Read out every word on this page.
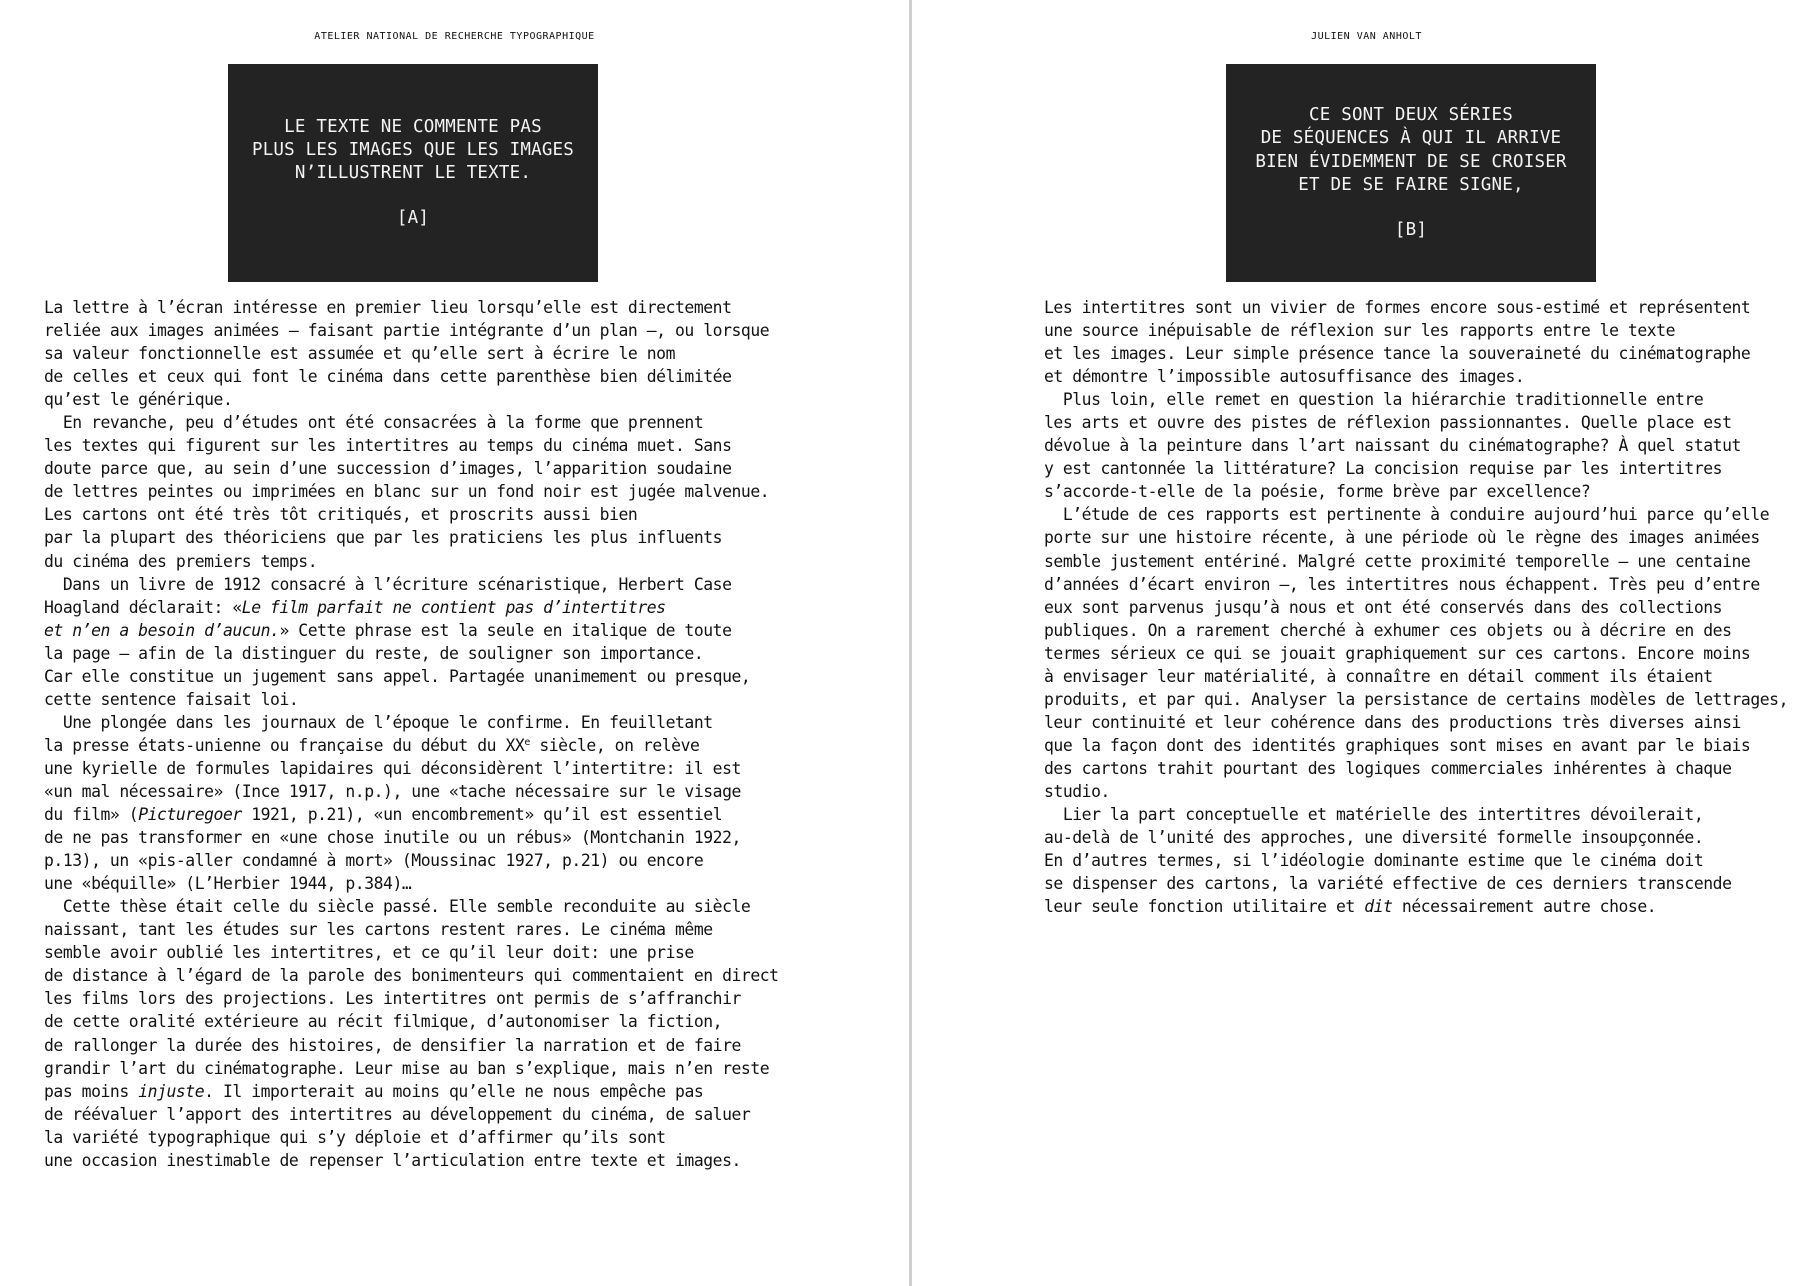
ATELIER NATIONAL DE RECHERCHE TYPOGRAPHIQUE
LE TEXTE NE COMMENTE PAS
PLUS LES IMAGES QUE LES IMAGES
N’ILLUSTRENT LE TEXTE.
[A]
La lettre à l’écran intéresse en premier lieu lorsqu’elle est directement
reliée aux images animées – faisant partie intégrante d’un plan –, ou lorsque
sa valeur fonctionnelle est assumée et qu’elle sert à écrire le nom
de celles et ceux qui font le cinéma dans cette parenthèse bien délimitée
qu’est le générique.
En revanche, peu d’études ont été consacrées à la forme que prennent
les textes qui figurent sur les intertitres au temps du cinéma muet. Sans
doute parce que, au sein d’une succession d’images, l’apparition soudaine
de lettres peintes ou imprimées en blanc sur un fond noir est jugée malvenue.
Les cartons ont été très tôt critiqués, et proscrits aussi bien
par la plupart des théoriciens que par les praticiens les plus influents
du cinéma des premiers temps.
Dans un livre de 1912 consacré à l’écriture scénaristique, Herbert Case
Hoagland déclarait: «Le film parfait ne contient pas d’intertitres
et n’en a besoin d’aucun.» Cette phrase est la seule en italique de toute
la page – afin de la distinguer du reste, de souligner son importance.
Car elle constitue un jugement sans appel. Partagée unanimement ou presque,
cette sentence faisait loi.
Une plongée dans les journaux de l’époque le confirme. En feuilletant
la presse états-unienne ou française du début du XXe siècle, on relève
une kyrielle de formules lapidaires qui déconsidèrent l’intertitre: il est
«un mal nécessaire» (Ince 1917, n.p.), une «tache nécessaire sur le visage
du film» (Picturegoer 1921, p.21), «un encombrement» qu’il est essentiel
de ne pas transformer en «une chose inutile ou un rébus» (Montchanin 1922,
p.13), un «pis-aller condamné à mort» (Moussinac 1927, p.21) ou encore
une «béquille» (L’Herbier 1944, p.384)…
Cette thèse était celle du siècle passé. Elle semble reconduite au siècle
naissant, tant les études sur les cartons restent rares. Le cinéma même
semble avoir oublié les intertitres, et ce qu’il leur doit: une prise
de distance à l’égard de la parole des bonimenteurs qui commentaient en direct
les films lors des projections. Les intertitres ont permis de s’affranchir
de cette oralité extérieure au récit filmique, d’autonomiser la fiction,
de rallonger la durée des histoires, de densifier la narration et de faire
grandir l’art du cinématographe. Leur mise au ban s’explique, mais n’en reste
pas moins injuste. Il importerait au moins qu’elle ne nous empêche pas
de réévaluer l’apport des intertitres au développement du cinéma, de saluer
la variété typographique qui s’y déploie et d’affirmer qu’ils sont
une occasion inestimable de repenser l’articulation entre texte et images.
JULIEN VAN ANHOLT
CE SONT DEUX SÉRIES
DE SÉQUENCES À QUI IL ARRIVE
BIEN ÉVIDEMMENT DE SE CROISER
ET DE SE FAIRE SIGNE,
[B]
Les intertitres sont un vivier de formes encore sous-estimé et représentent
une source inépuisable de réflexion sur les rapports entre le texte
et les images. Leur simple présence tance la souveraineté du cinématographe
et démontre l’impossible autosuffisance des images.
Plus loin, elle remet en question la hiérarchie traditionnelle entre
les arts et ouvre des pistes de réflexion passionnantes. Quelle place est
dévolue à la peinture dans l’art naissant du cinématographe? À quel statut
y est cantonnée la littérature? La concision requise par les intertitres
s’accorde-t-elle de la poésie, forme brève par excellence?
L’étude de ces rapports est pertinente à conduire aujourd’hui parce qu’elle
porte sur une histoire récente, à une période où le règne des images animées
semble justement entériné. Malgré cette proximité temporelle – une centaine
d’années d’écart environ –, les intertitres nous échappent. Très peu d’entre
eux sont parvenus jusqu’à nous et ont été conservés dans des collections
publiques. On a rarement cherché à exhumer ces objets ou à décrire en des
termes sérieux ce qui se jouait graphiquement sur ces cartons. Encore moins
à envisager leur matérialité, à connaître en détail comment ils étaient
produits, et par qui. Analyser la persistance de certains modèles de lettrages,
leur continuité et leur cohérence dans des productions très diverses ainsi
que la façon dont des identités graphiques sont mises en avant par le biais
des cartons trahit pourtant des logiques commerciales inhérentes à chaque
studio.
Lier la part conceptuelle et matérielle des intertitres dévoilerait,
au-delà de l’unité des approches, une diversité formelle insoupçonnée.
En d’autres termes, si l’idéologie dominante estime que le cinéma doit
se dispenser des cartons, la variété effective de ces derniers transcende
leur seule fonction utilitaire et dit nécessairement autre chose.
